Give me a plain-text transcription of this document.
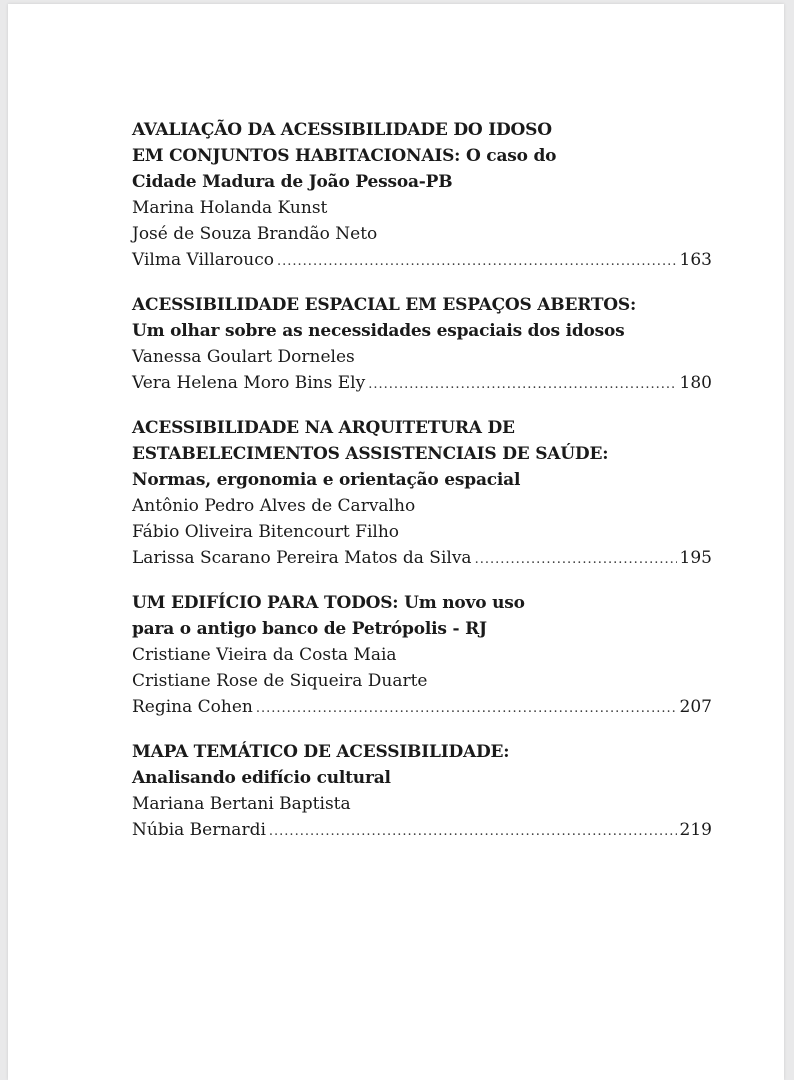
AVALIAÇÃO DA ACESSIBILIDADE DO IDOSO
EM CONJUNTOS HABITACIONAIS: O caso do
Cidade Madura de João Pessoa-PB
Marina Holanda Kunst
José de Souza Brandão Neto
Vilma Villarouco .....	163
ACESSIBILIDADE ESPACIAL EM ESPAÇOS ABERTOS:
Um olhar sobre as necessidades espaciais dos idosos
Vanessa Goulart Dorneles
Vera Helena Moro Bins Ely .....	180
ACESSIBILIDADE NA ARQUITETURA DE
ESTABELECIMENTOS ASSISTENCIAIS DE SAÚDE:
Normas, ergonomia e orientação espacial
Antônio Pedro Alves de Carvalho
Fábio Oliveira Bitencourt Filho
Larissa Scarano Pereira Matos da Silva .....	195
UM EDIFÍCIO PARA TODOS: Um novo uso
para o antigo banco de Petrópolis - RJ
Cristiane Vieira da Costa Maia
Cristiane Rose de Siqueira Duarte
Regina Cohen .....	207
MAPA TEMÁTICO DE ACESSIBILIDADE:
Analisando edifício cultural
Mariana Bertani Baptista
Núbia Bernardi .....	219
